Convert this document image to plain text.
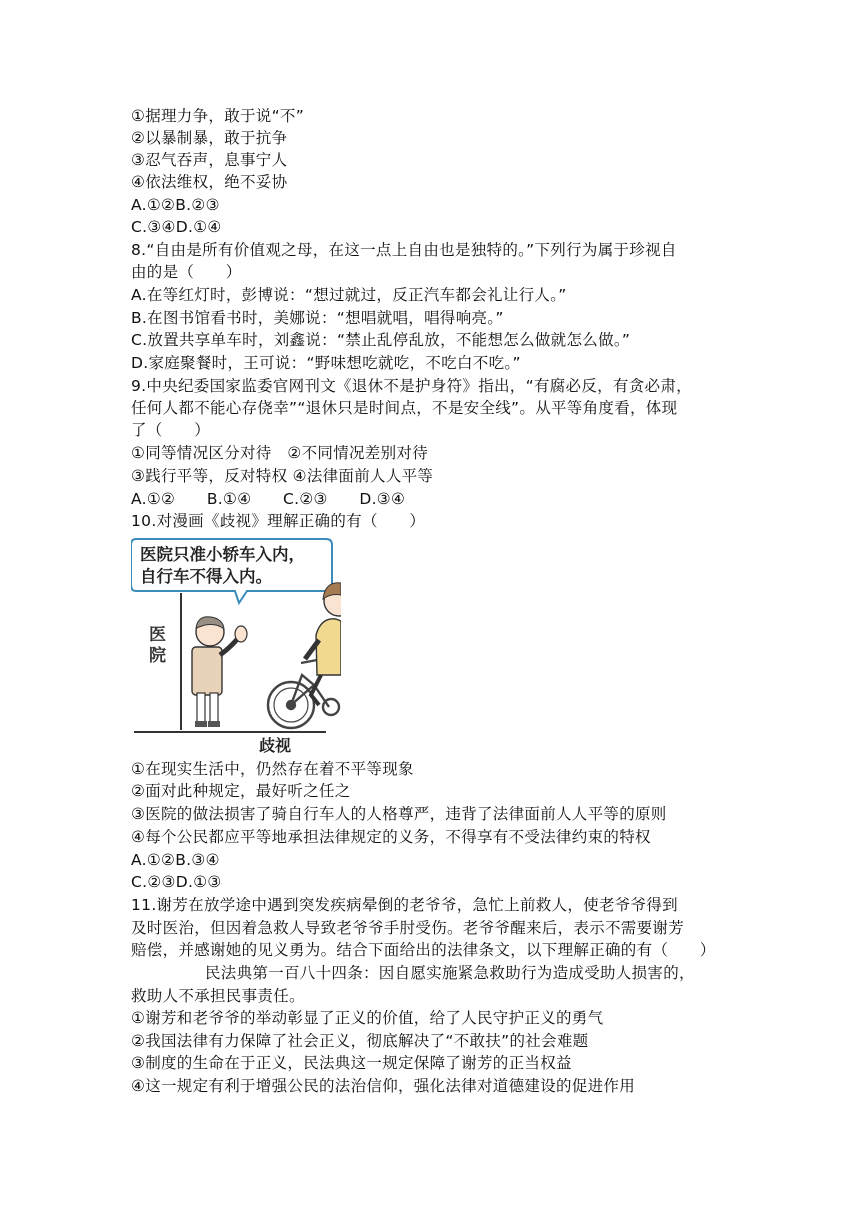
①据理力争，敢于说“不”
②以暴制暴，敢于抗争
③忍气吞声，息事宁人
④依法维权，绝不妥协
A.①②B.②③
C.③④D.①④
8.“自由是所有价值观之母，在这一点上自由也是独特的。”下列行为属于珍视自
由的是（　　）
A.在等红灯时，彭博说：“想过就过，反正汽车都会礼让行人。”
B.在图书馆看书时，美娜说：“想唱就唱，唱得响亮。”
C.放置共享单车时，刘鑫说：“禁止乱停乱放，不能想怎么做就怎么做。”
D.家庭聚餐时，王可说：“野味想吃就吃，不吃白不吃。”
9.中央纪委国家监委官网刊文《退休不是护身符》指出，“有腐必反，有贪必肃，
任何人都不能心存侥幸”“退休只是时间点，不是安全线”。从平等角度看，体现
了（　　）
①同等情况区分对待　②不同情况差别对待
③践行平等，反对特权 ④法律面前人人平等
A.①②　　B.①④　　C.②③　　D.③④
10.对漫画《歧视》理解正确的有（　　）
医院只准小轿车入内，
自行车不得入内。
医
院
歧视
①在现实生活中，仍然存在着不平等现象
②面对此种规定，最好听之任之
③医院的做法损害了骑自行车人的人格尊严，违背了法律面前人人平等的原则
④每个公民都应平等地承担法律规定的义务，不得享有不受法律约束的特权
A.①②B.③④
C.②③D.①③
11.谢芳在放学途中遇到突发疾病晕倒的老爷爷，急忙上前救人，使老爷爷得到
及时医治，但因着急救人导致老爷爷手肘受伤。老爷爷醒来后，表示不需要谢芳
赔偿，并感谢她的见义勇为。结合下面给出的法律条文，以下理解正确的有（　　）
民法典第一百八十四条：因自愿实施紧急救助行为造成受助人损害的，
救助人不承担民事责任。
①谢芳和老爷爷的举动彰显了正义的价值，给了人民守护正义的勇气
②我国法律有力保障了社会正义，彻底解决了“不敢扶”的社会难题
③制度的生命在于正义，民法典这一规定保障了谢芳的正当权益
④这一规定有利于增强公民的法治信仰，强化法律对道德建设的促进作用
